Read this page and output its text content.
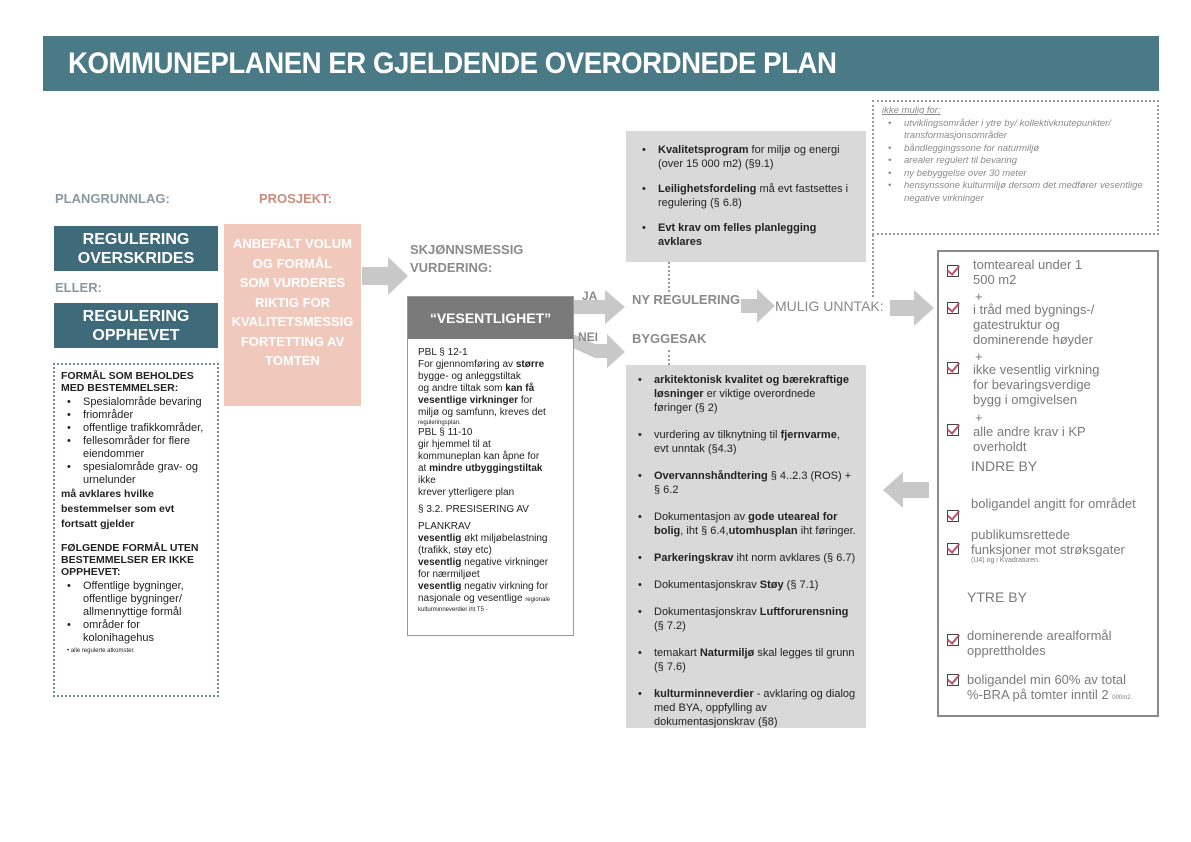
KOMMUNEPLANEN ER GJELDENDE OVERORDNEDE PLAN
PLANGRUNNLAG:
REGULERING
OVERSKRIDES
ELLER:
REGULERING
OPPHEVET
FORMÅL SOM BEHOLDES MED BESTEMMELSER:
• Spesialområde bevaring
• friområder
• offentlige trafikkområder,
• fellesområder for flere eiendommer
• spesialområde grav- og urnelunder
må avklares hvilke bestemmelser som evt fortsatt gjelder
FØLGENDE FORMÅL UTEN BESTEMMELSER ER IKKE OPPHEVET:
• Offentlige bygninger, offentlige bygninger/ allmennyttige formål
• områder for kolonihagehus
• alle regulerte atkomster.
PROSJEKT:
ANBEFALT VOLUM
OG FORMÅL
SOM VURDERES
RIKTIG FOR
KVALITETSMESSIG
FORTETTING AV
TOMTEN
SKJØNNSMESSIG
VURDERING:
“VESENTLIGHET”
PBL § 12-1
For gjennomføring av større
bygge- og anleggstiltak
og andre tiltak som kan få
vesentlige virkninger for
miljø og samfunn, kreves det
reguleringsplan.
PBL § 11-10
gir hjemmel til at
kommuneplan kan åpne for
at mindre utbyggingstiltak ikke
krever ytterligere plan
§ 3.2. PRESISERING AV
PLANKRAV
vesentlig økt miljøbelastning
(trafikk, støy etc)
vesentlig negative virkninger
for nærmiljøet
vesentlig negativ virkning for
nasjonale og vesentlige regionale
kulturminneverdier iht T5 -
JA
NEI
NY REGULERING
BYGGESAK
MULIG UNNTAK:
• Kvalitetsprogram for miljø og energi (over 15 000 m2) (§9.1)
• Leilighetsfordeling må evt fastsettes i regulering (§ 6.8)
• Evt krav om felles planlegging avklares
ikke mulig for:
• utviklingsområder i ytre by/ kollektivknutepunkter/ transformasjonsområder
• båndleggingssone for naturmiljø
• arealer regulert til bevaring
• ny bebyggelse over 30 meter
• hensynssone kulturmiljø dersom det medfører vesentlige negative virkninger
• arkitektonisk kvalitet og bærekraftige løsninger er viktige overordnede føringer (§ 2)
• vurdering av tilknytning til fjernvarme, evt unntak (§4.3)
• Overvannshåndtering § 4..2.3 (ROS) + § 6.2
• Dokumentasjon av gode uteareal for bolig, iht § 6.4,utomhusplan iht føringer.
• Parkeringskrav iht norm avklares (§ 6.7)
• Dokumentasjonskrav Støy (§ 7.1)
• Dokumentasjonskrav Luftforurensning (§ 7.2)
• temakart Naturmiljø skal legges til grunn (§ 7.6)
• kulturminneverdier - avklaring og dialog med BYA, oppfylling av dokumentasjonskrav (§8)
tomteareal under 1
500 m2
+
i tråd med bygnings-/
gatestruktur og
dominerende høyder
+
ikke vesentlig virkning
for bevaringsverdige
bygg i omgivelsen
+
alle andre krav i KP
overholdt
INDRE BY
boligandel angitt for området
publikumsrettede
funksjoner mot strøksgater
(U4) og i Kvadraturen.
YTRE BY
dominerende arealformål
opprettholdes
boligandel min 60% av total
%-BRA på tomter inntil 2 000m2.
